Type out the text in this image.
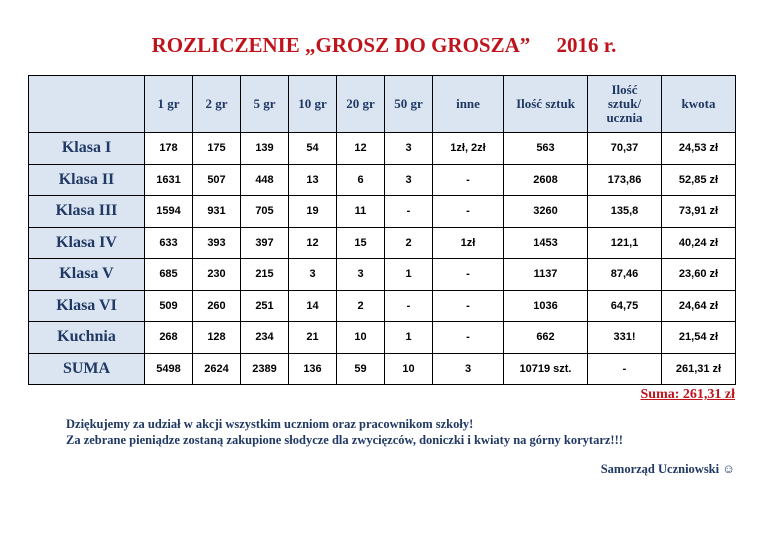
ROZLICZENIE „GROSZ DO GROSZA”     2016 r.
	1 gr	2 gr	5 gr	10 gr	20 gr	50 gr	inne	Ilość sztuk	Ilość sztuk/ ucznia	kwota
Klasa I	178	175	139	54	12	3	1zł, 2zł	563	70,37	24,53 zł
Klasa II	1631	507	448	13	6	3	-	2608	173,86	52,85 zł
Klasa III	1594	931	705	19	11	-	-	3260	135,8	73,91 zł
Klasa IV	633	393	397	12	15	2	1zł	1453	121,1	40,24 zł
Klasa V	685	230	215	3	3	1	-	1137	87,46	23,60 zł
Klasa VI	509	260	251	14	2	-	-	1036	64,75	24,64 zł
Kuchnia	268	128	234	21	10	1	-	662	331!	21,54 zł
SUMA	5498	2624	2389	136	59	10	3	10719 szt.	-	261,31 zł
Suma: 261,31 zł
Dziękujemy za udział w akcji wszystkim uczniom oraz pracownikom szkoły!
Za zebrane pieniądze zostaną zakupione słodycze dla zwycięzców, doniczki i kwiaty na górny korytarz!!!
Samorząd Uczniowski ☺
